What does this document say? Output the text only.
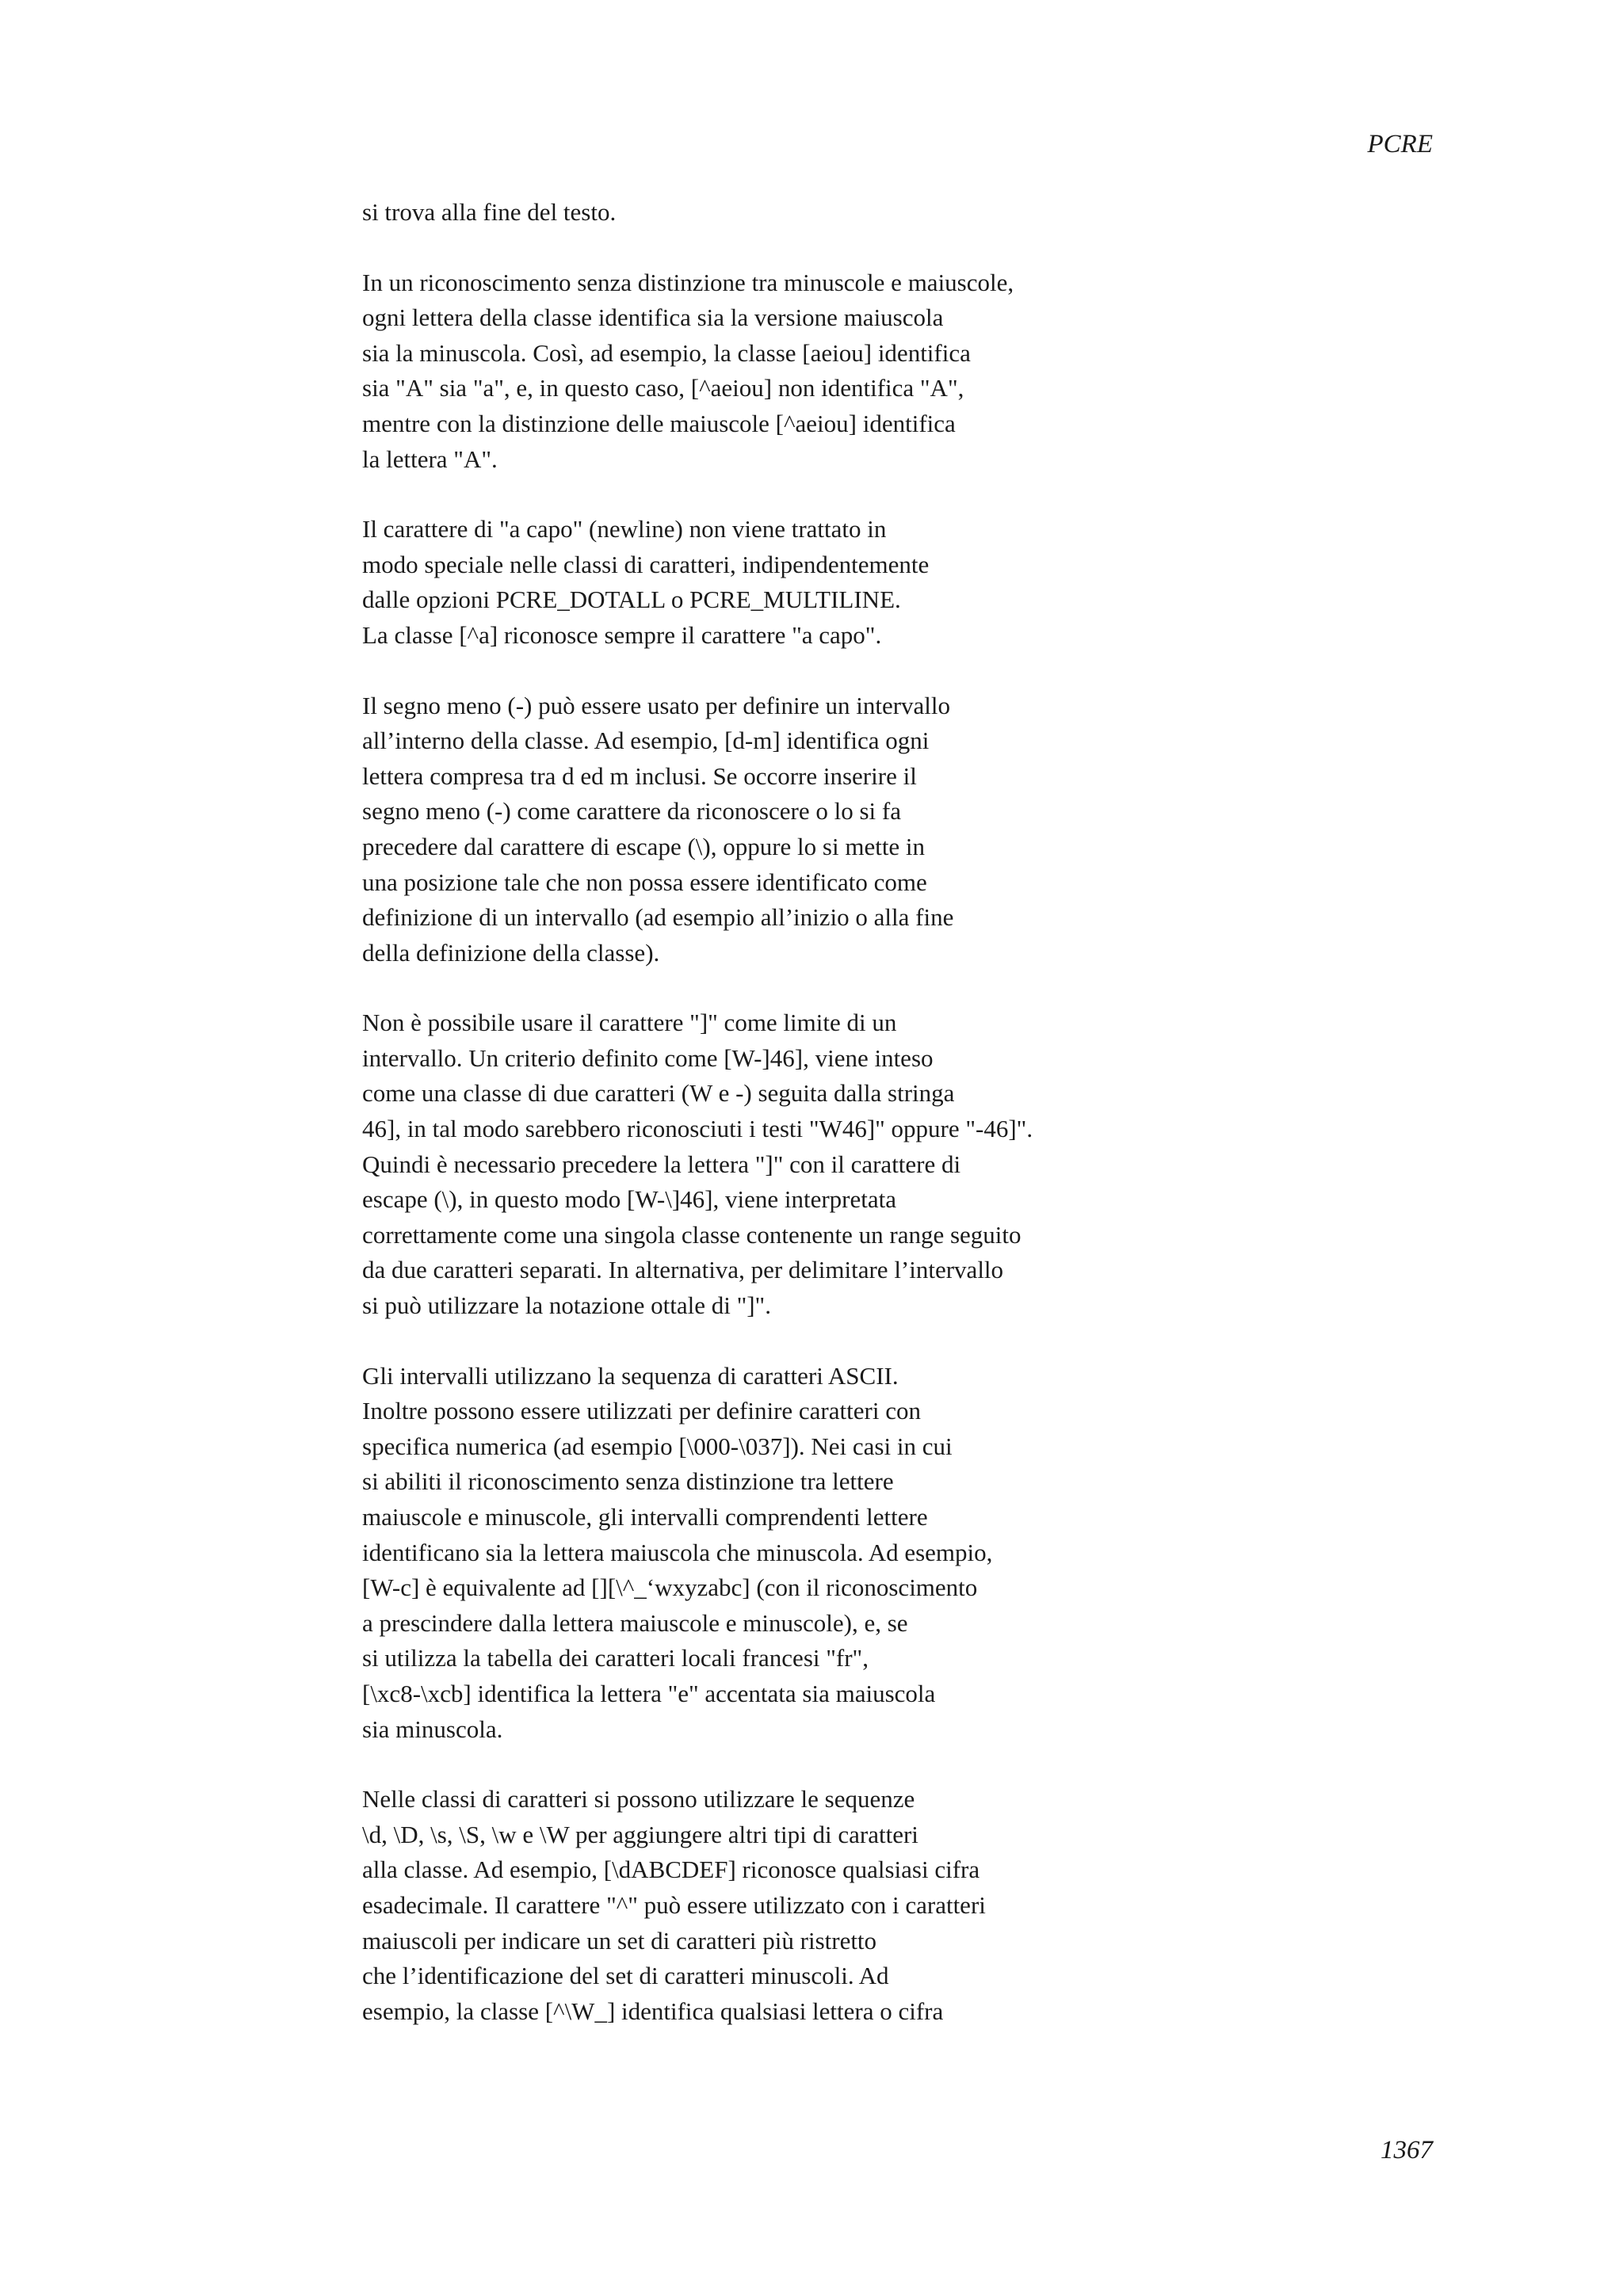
PCRE

si trova alla fine del testo.

In un riconoscimento senza distinzione tra minuscole e maiuscole,
ogni lettera della classe identifica sia la versione maiuscola
sia la minuscola. Così, ad esempio, la classe [aeiou] identifica
sia "A" sia "a", e, in questo caso, [^aeiou] non identifica "A",
mentre con la distinzione delle maiuscole [^aeiou] identifica
la lettera "A".

Il carattere di "a capo" (newline) non viene trattato in
modo speciale nelle classi di caratteri, indipendentemente
dalle opzioni PCRE_DOTALL o PCRE_MULTILINE.
La classe [^a] riconosce sempre il carattere "a capo".

Il segno meno (-) può essere usato per definire un intervallo
all’interno della classe. Ad esempio, [d-m] identifica ogni
lettera compresa tra d ed m inclusi. Se occorre inserire il
segno meno (-) come carattere da riconoscere o lo si fa
precedere dal carattere di escape (\), oppure lo si mette in
una posizione tale che non possa essere identificato come
definizione di un intervallo (ad esempio all’inizio o alla fine
della definizione della classe).

Non è possibile usare il carattere "]" come limite di un
intervallo. Un criterio definito come [W-]46], viene inteso
come una classe di due caratteri (W e -) seguita dalla stringa
46], in tal modo sarebbero riconosciuti i testi "W46]" oppure "-46]".
Quindi è necessario precedere la lettera "]" con il carattere di
escape (\), in questo modo [W-\]46], viene interpretata
correttamente come una singola classe contenente un range seguito
da due caratteri separati. In alternativa, per delimitare l’intervallo
si può utilizzare la notazione ottale di "]".

Gli intervalli utilizzano la sequenza di caratteri ASCII.
Inoltre possono essere utilizzati per definire caratteri con
specifica numerica (ad esempio [\000-\037]). Nei casi in cui
si abiliti il riconoscimento senza distinzione tra lettere
maiuscole e minuscole, gli intervalli comprendenti lettere
identificano sia la lettera maiuscola che minuscola. Ad esempio,
[W-c] è equivalente ad [][\^_‘wxyzabc] (con il riconoscimento
a prescindere dalla lettera maiuscole e minuscole), e, se
si utilizza la tabella dei caratteri locali francesi "fr",
[\xc8-\xcb] identifica la lettera "e" accentata sia maiuscola
sia minuscola.

Nelle classi di caratteri si possono utilizzare le sequenze
\d, \D, \s, \S, \w e \W per aggiungere altri tipi di caratteri
alla classe. Ad esempio, [\dABCDEF] riconosce qualsiasi cifra
esadecimale. Il carattere "^" può essere utilizzato con i caratteri
maiuscoli per indicare un set di caratteri più ristretto
che l’identificazione del set di caratteri minuscoli. Ad
esempio, la classe [^\W_] identifica qualsiasi lettera o cifra

1367
